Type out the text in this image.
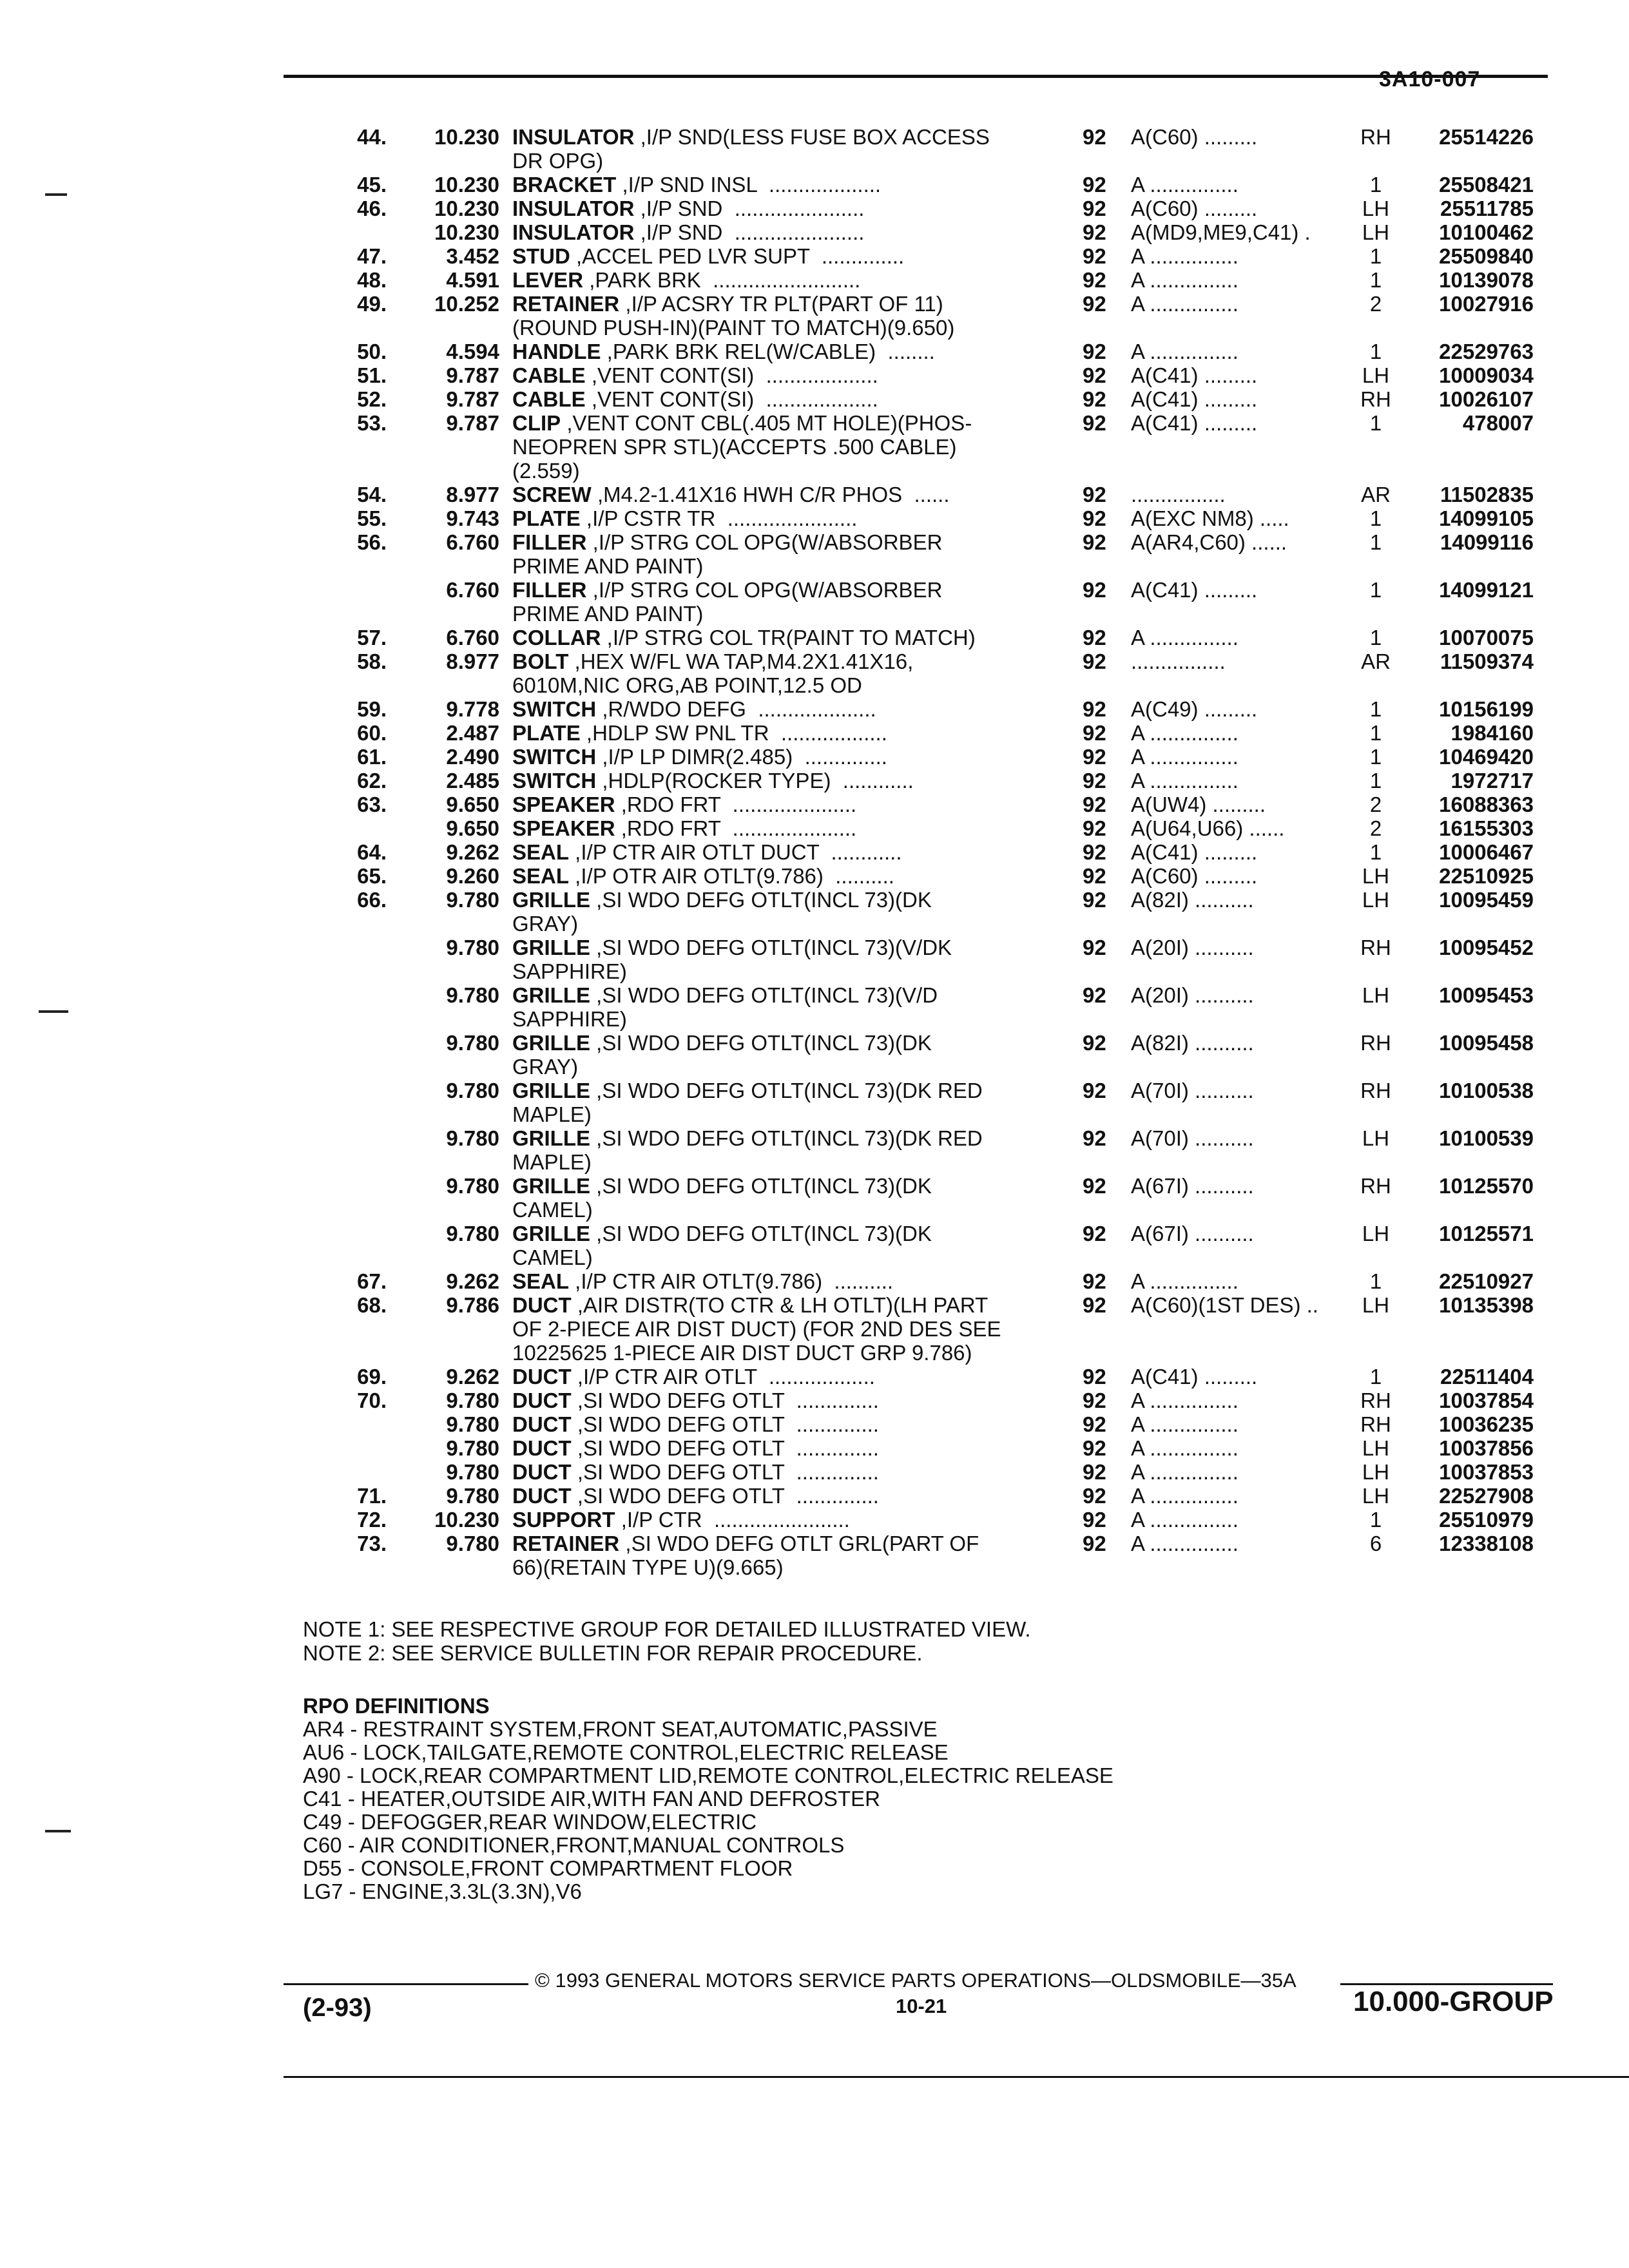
3A10-007
44.	10.230 INSULATOR ,I/P SND(LESS FUSE BOX ACCESS
DR OPG)
92	A(C60) .........	RH	25514226
45.	10.230 BRACKET ,I/P SND INSL  ...................	92	A ...............	1	25508421
46.	10.230 INSULATOR ,I/P SND  ......................	92	A(C60) .........	LH	25511785
10.230 INSULATOR ,I/P SND  ......................	92	A(MD9,ME9,C41) .	LH	10100462
47.	3.452 STUD ,ACCEL PED LVR SUPT  ..............	92	A ...............	1	25509840
48.	4.591 LEVER ,PARK BRK  .........................	92	A ...............	1	10139078
49.	10.252 RETAINER ,I/P ACSRY TR PLT(PART OF 11)
(ROUND PUSH-IN)(PAINT TO MATCH)(9.650)
92	A ...............	2	10027916
50.	4.594 HANDLE ,PARK BRK REL(W/CABLE)  ........	92	A ...............	1	22529763
51.	9.787 CABLE ,VENT CONT(SI)  ...................	92	A(C41) .........	LH	10009034
52.	9.787 CABLE ,VENT CONT(SI)  ...................	92	A(C41) .........	RH	10026107
53.	9.787 CLIP ,VENT CONT CBL(.405 MT HOLE)(PHOS-
NEOPREN SPR STL)(ACCEPTS .500 CABLE)
(2.559)
92	A(C41) .........	1	478007
54.	8.977 SCREW ,M4.2-1.41X16 HWH C/R PHOS  ......	92	................	AR	11502835
55.	9.743 PLATE ,I/P CSTR TR  ......................	92	A(EXC NM8) .....	1	14099105
56.	6.760 FILLER ,I/P STRG COL OPG(W/ABSORBER
PRIME AND PAINT)
92	A(AR4,C60) ......	1	14099116
6.760 FILLER ,I/P STRG COL OPG(W/ABSORBER
PRIME AND PAINT)
92	A(C41) .........	1	14099121
57.	6.760 COLLAR ,I/P STRG COL TR(PAINT TO MATCH)	92	A ...............	1	10070075
58.	8.977 BOLT ,HEX W/FL WA TAP,M4.2X1.41X16,
6010M,NIC ORG,AB POINT,12.5 OD
92	................	AR	11509374
59.	9.778 SWITCH ,R/WDO DEFG  ....................	92	A(C49) .........	1	10156199
60.	2.487 PLATE ,HDLP SW PNL TR  ..................	92	A ...............	1	1984160
61.	2.490 SWITCH ,I/P LP DIMR(2.485)  ..............	92	A ...............	1	10469420
62.	2.485 SWITCH ,HDLP(ROCKER TYPE)  ............	92	A ...............	1	1972717
63.	9.650 SPEAKER ,RDO FRT  .....................	92	A(UW4) .........	2	16088363
9.650 SPEAKER ,RDO FRT  .....................	92	A(U64,U66) ......	2	16155303
64.	9.262 SEAL ,I/P CTR AIR OTLT DUCT  ............	92	A(C41) .........	1	10006467
65.	9.260 SEAL ,I/P OTR AIR OTLT(9.786)  ..........	92	A(C60) .........	LH	22510925
66.	9.780 GRILLE ,SI WDO DEFG OTLT(INCL 73)(DK
GRAY)
92	A(82I) ..........	LH	10095459
9.780 GRILLE ,SI WDO DEFG OTLT(INCL 73)(V/DK
SAPPHIRE)
92	A(20I) ..........	RH	10095452
9.780 GRILLE ,SI WDO DEFG OTLT(INCL 73)(V/D
SAPPHIRE)
92	A(20I) ..........	LH	10095453
9.780 GRILLE ,SI WDO DEFG OTLT(INCL 73)(DK
GRAY)
92	A(82I) ..........	RH	10095458
9.780 GRILLE ,SI WDO DEFG OTLT(INCL 73)(DK RED
MAPLE)
92	A(70I) ..........	RH	10100538
9.780 GRILLE ,SI WDO DEFG OTLT(INCL 73)(DK RED
MAPLE)
92	A(70I) ..........	LH	10100539
9.780 GRILLE ,SI WDO DEFG OTLT(INCL 73)(DK
CAMEL)
92	A(67I) ..........	RH	10125570
9.780 GRILLE ,SI WDO DEFG OTLT(INCL 73)(DK
CAMEL)
92	A(67I) ..........	LH	10125571
67.	9.262 SEAL ,I/P CTR AIR OTLT(9.786)  ..........	92	A ...............	1	22510927
68.	9.786 DUCT ,AIR DISTR(TO CTR & LH OTLT)(LH PART
OF 2-PIECE AIR DIST DUCT) (FOR 2ND DES SEE
10225625 1-PIECE AIR DIST DUCT GRP 9.786)
92	A(C60)(1ST DES) ..	LH	10135398
69.	9.262 DUCT ,I/P CTR AIR OTLT  ..................	92	A(C41) .........	1	22511404
70.	9.780 DUCT ,SI WDO DEFG OTLT  ..............	92	A ...............	RH	10037854
9.780 DUCT ,SI WDO DEFG OTLT  ..............	92	A ...............	RH	10036235
9.780 DUCT ,SI WDO DEFG OTLT  ..............	92	A ...............	LH	10037856
9.780 DUCT ,SI WDO DEFG OTLT  ..............	92	A ...............	LH	10037853
71.	9.780 DUCT ,SI WDO DEFG OTLT  ..............	92	A ...............	LH	22527908
72.	10.230 SUPPORT ,I/P CTR  .......................	92	A ...............	1	25510979
73.	9.780 RETAINER ,SI WDO DEFG OTLT GRL(PART OF
66)(RETAIN TYPE U)(9.665)
92	A ...............	6	12338108
NOTE 1: SEE RESPECTIVE GROUP FOR DETAILED ILLUSTRATED VIEW.
NOTE 2: SEE SERVICE BULLETIN FOR REPAIR PROCEDURE.
RPO DEFINITIONS
AR4 - RESTRAINT SYSTEM,FRONT SEAT,AUTOMATIC,PASSIVE
AU6 - LOCK,TAILGATE,REMOTE CONTROL,ELECTRIC RELEASE
A90 - LOCK,REAR COMPARTMENT LID,REMOTE CONTROL,ELECTRIC RELEASE
C41 - HEATER,OUTSIDE AIR,WITH FAN AND DEFROSTER
C49 - DEFOGGER,REAR WINDOW,ELECTRIC
C60 - AIR CONDITIONER,FRONT,MANUAL CONTROLS
D55 - CONSOLE,FRONT COMPARTMENT FLOOR
LG7 - ENGINE,3.3L(3.3N),V6
© 1993 GENERAL MOTORS SERVICE PARTS OPERATIONS—OLDSMOBILE—35A
(2-93)	10-21	10.000-GROUP
